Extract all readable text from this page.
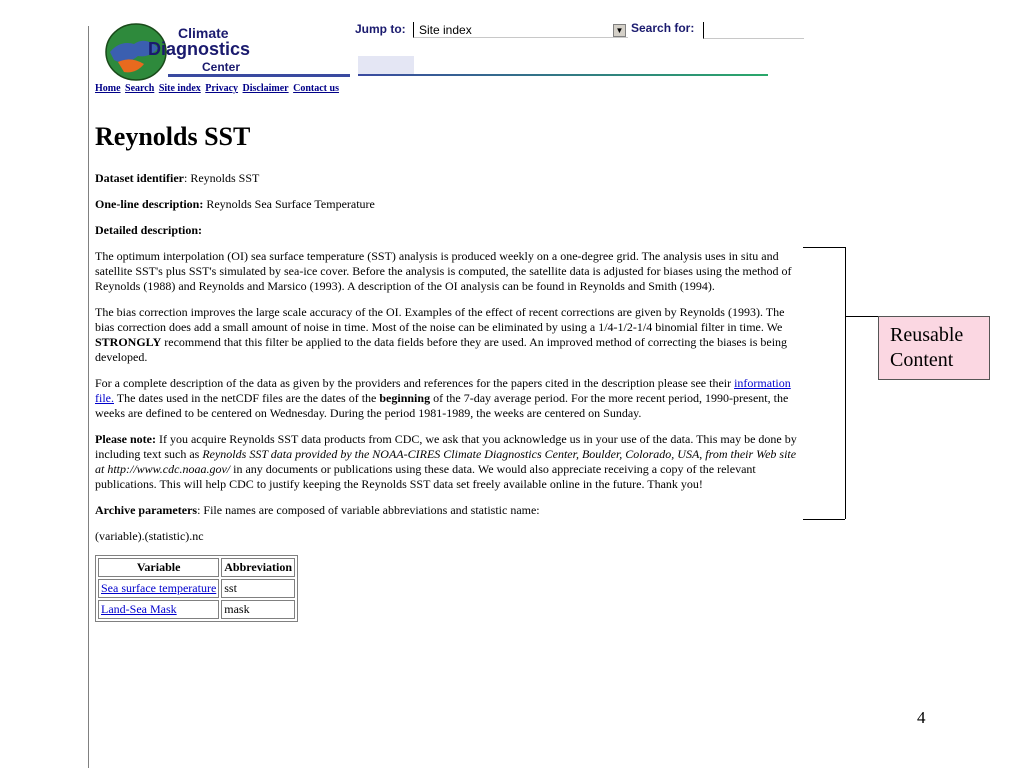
Climate
Diagnostics
Center
Jump to:	Site index	▼ Search for:
Home Search Site index Privacy Disclaimer Contact us
Reynolds SST

Dataset identifier: Reynolds SST

One-line description: Reynolds Sea Surface Temperature

Detailed description:

The optimum interpolation (OI) sea surface temperature (SST) analysis is produced weekly on a one-degree grid. The analysis uses in situ and satellite SST's plus SST's simulated by sea-ice cover. Before the analysis is computed, the satellite data is adjusted for biases using the method of Reynolds (1988) and Reynolds and Marsico (1993). A description of the OI analysis can be found in Reynolds and Smith (1994).

The bias correction improves the large scale accuracy of the OI. Examples of the effect of recent corrections are given by Reynolds (1993). The bias correction does add a small amount of noise in time. Most of the noise can be eliminated by using a 1/4-1/2-1/4 binomial filter in time. We STRONGLY recommend that this filter be applied to the data fields before they are used. An improved method of correcting the biases is being developed.

For a complete description of the data as given by the providers and references for the papers cited in the description please see their information file. The dates used in the netCDF files are the dates of the beginning of the 7-day average period. For the more recent period, 1990-present, the weeks are defined to be centered on Wednesday. During the period 1981-1989, the weeks are centered on Sunday.

Please note: If you acquire Reynolds SST data products from CDC, we ask that you acknowledge us in your use of the data. This may be done by including text such as Reynolds SST data provided by the NOAA-CIRES Climate Diagnostics Center, Boulder, Colorado, USA, from their Web site at http://www.cdc.noaa.gov/ in any documents or publications using these data. We would also appreciate receiving a copy of the relevant publications. This will help CDC to justify keeping the Reynolds SST data set freely available online in the future. Thank you!

Archive parameters: File names are composed of variable abbreviations and statistic name:

(variable).(statistic).nc

Variable	Abbreviation
Sea surface temperature	sst
Land-Sea Mask	mask
Reusable
Content
4
